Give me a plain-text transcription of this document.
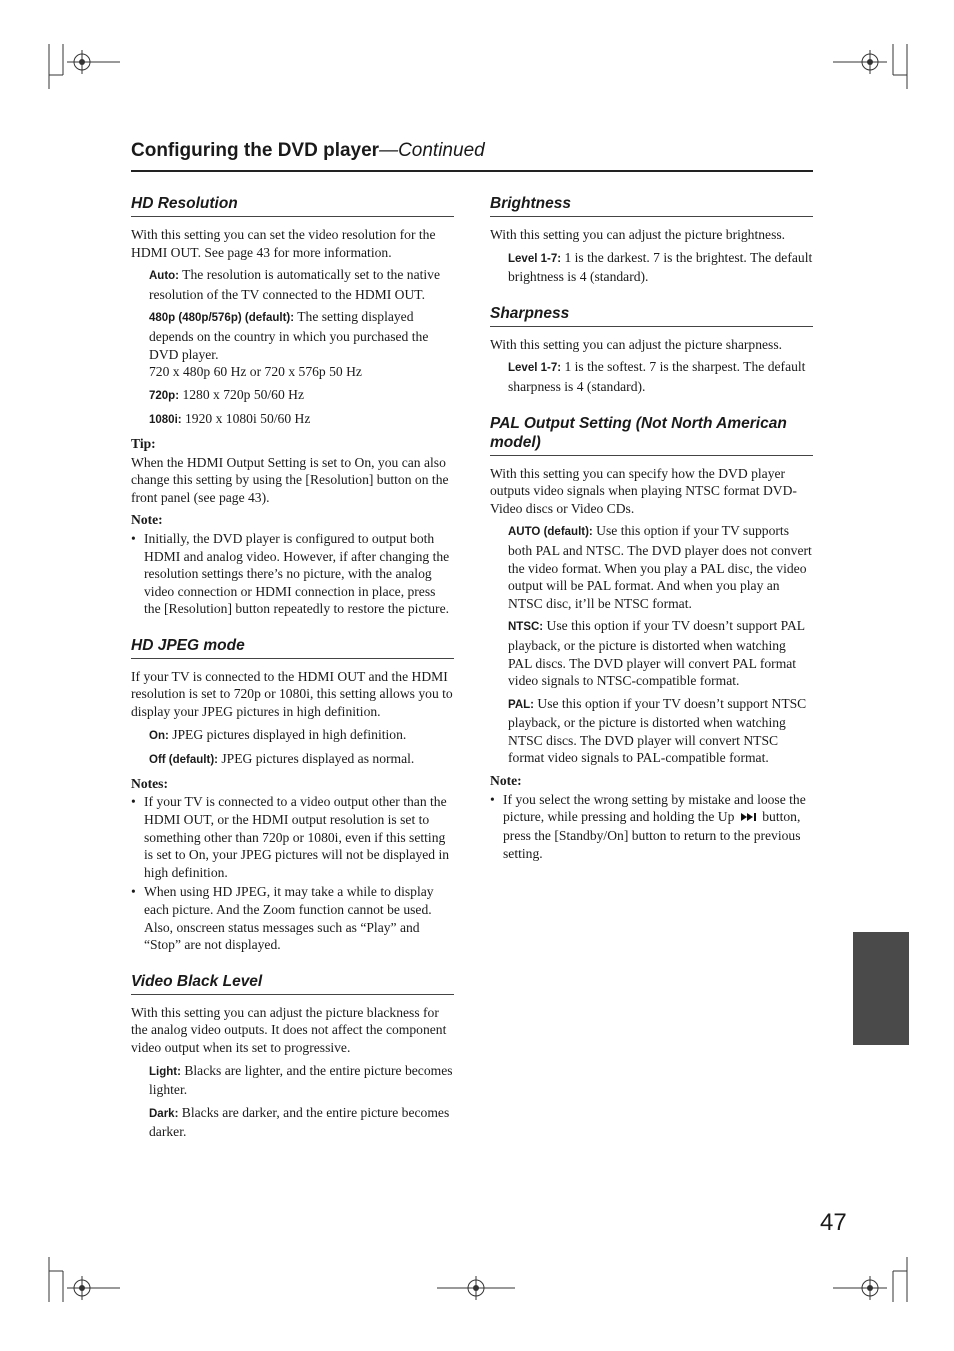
Configuring the DVD player—Continued
HD Resolution

With this setting you can set the video resolution for the HDMI OUT. See page 43 for more information.

Auto: The resolution is automatically set to the native resolution of the TV connected to the HDMI OUT.

480p (480p/576p) (default): The setting displayed depends on the country in which you purchased the DVD player.
720 x 480p 60 Hz or 720 x 576p 50 Hz

720p: 1280 x 720p 50/60 Hz

1080i: 1920 x 1080i 50/60 Hz

Tip:

When the HDMI Output Setting is set to On, you can also change this setting by using the [Resolution] button on the front panel (see page 43).

Note:
• Initially, the DVD player is configured to output both HDMI and analog video. However, if after changing the resolution settings there’s no picture, with the analog video connection or HDMI connection in place, press the [Resolution] button repeatedly to restore the picture.
HD JPEG mode

If your TV is connected to the HDMI OUT and the HDMI resolution is set to 720p or 1080i, this setting allows you to display your JPEG pictures in high definition.

On: JPEG pictures displayed in high definition.

Off (default): JPEG pictures displayed as normal.

Notes:
• If your TV is connected to a video output other than the HDMI OUT, or the HDMI output resolution is set to something other than 720p or 1080i, even if this setting is set to On, your JPEG pictures will not be displayed in high definition.
• When using HD JPEG, it may take a while to display each picture. And the Zoom function cannot be used. Also, onscreen status messages such as “Play” and “Stop” are not displayed.
Video Black Level

With this setting you can adjust the picture blackness for the analog video outputs. It does not affect the component video output when its set to progressive.

Light: Blacks are lighter, and the entire picture becomes lighter.

Dark: Blacks are darker, and the entire picture becomes darker.

Brightness

With this setting you can adjust the picture brightness.

Level 1-7: 1 is the darkest. 7 is the brightest. The default brightness is 4 (standard).

Sharpness

With this setting you can adjust the picture sharpness.

Level 1-7: 1 is the softest. 7 is the sharpest. The default sharpness is 4 (standard).

PAL Output Setting (Not North American model)

With this setting you can specify how the DVD player outputs video signals when playing NTSC format DVD-Video discs or Video CDs.

AUTO (default): Use this option if your TV supports both PAL and NTSC. The DVD player does not convert the video format. When you play a PAL disc, the video output will be PAL format. And when you play an NTSC disc, it’ll be NTSC format.

NTSC: Use this option if your TV doesn’t support PAL playback, or the picture is distorted when watching PAL discs. The DVD player will convert PAL format video signals to NTSC-compatible format.

PAL: Use this option if your TV doesn’t support NTSC playback, or the picture is distorted when watching NTSC discs. The DVD player will convert NTSC format video signals to PAL-compatible format.

Note:
• If you select the wrong setting by mistake and loose the picture, while pressing and holding the Up  button, press the [Standby/On] button to return to the previous setting.
47
